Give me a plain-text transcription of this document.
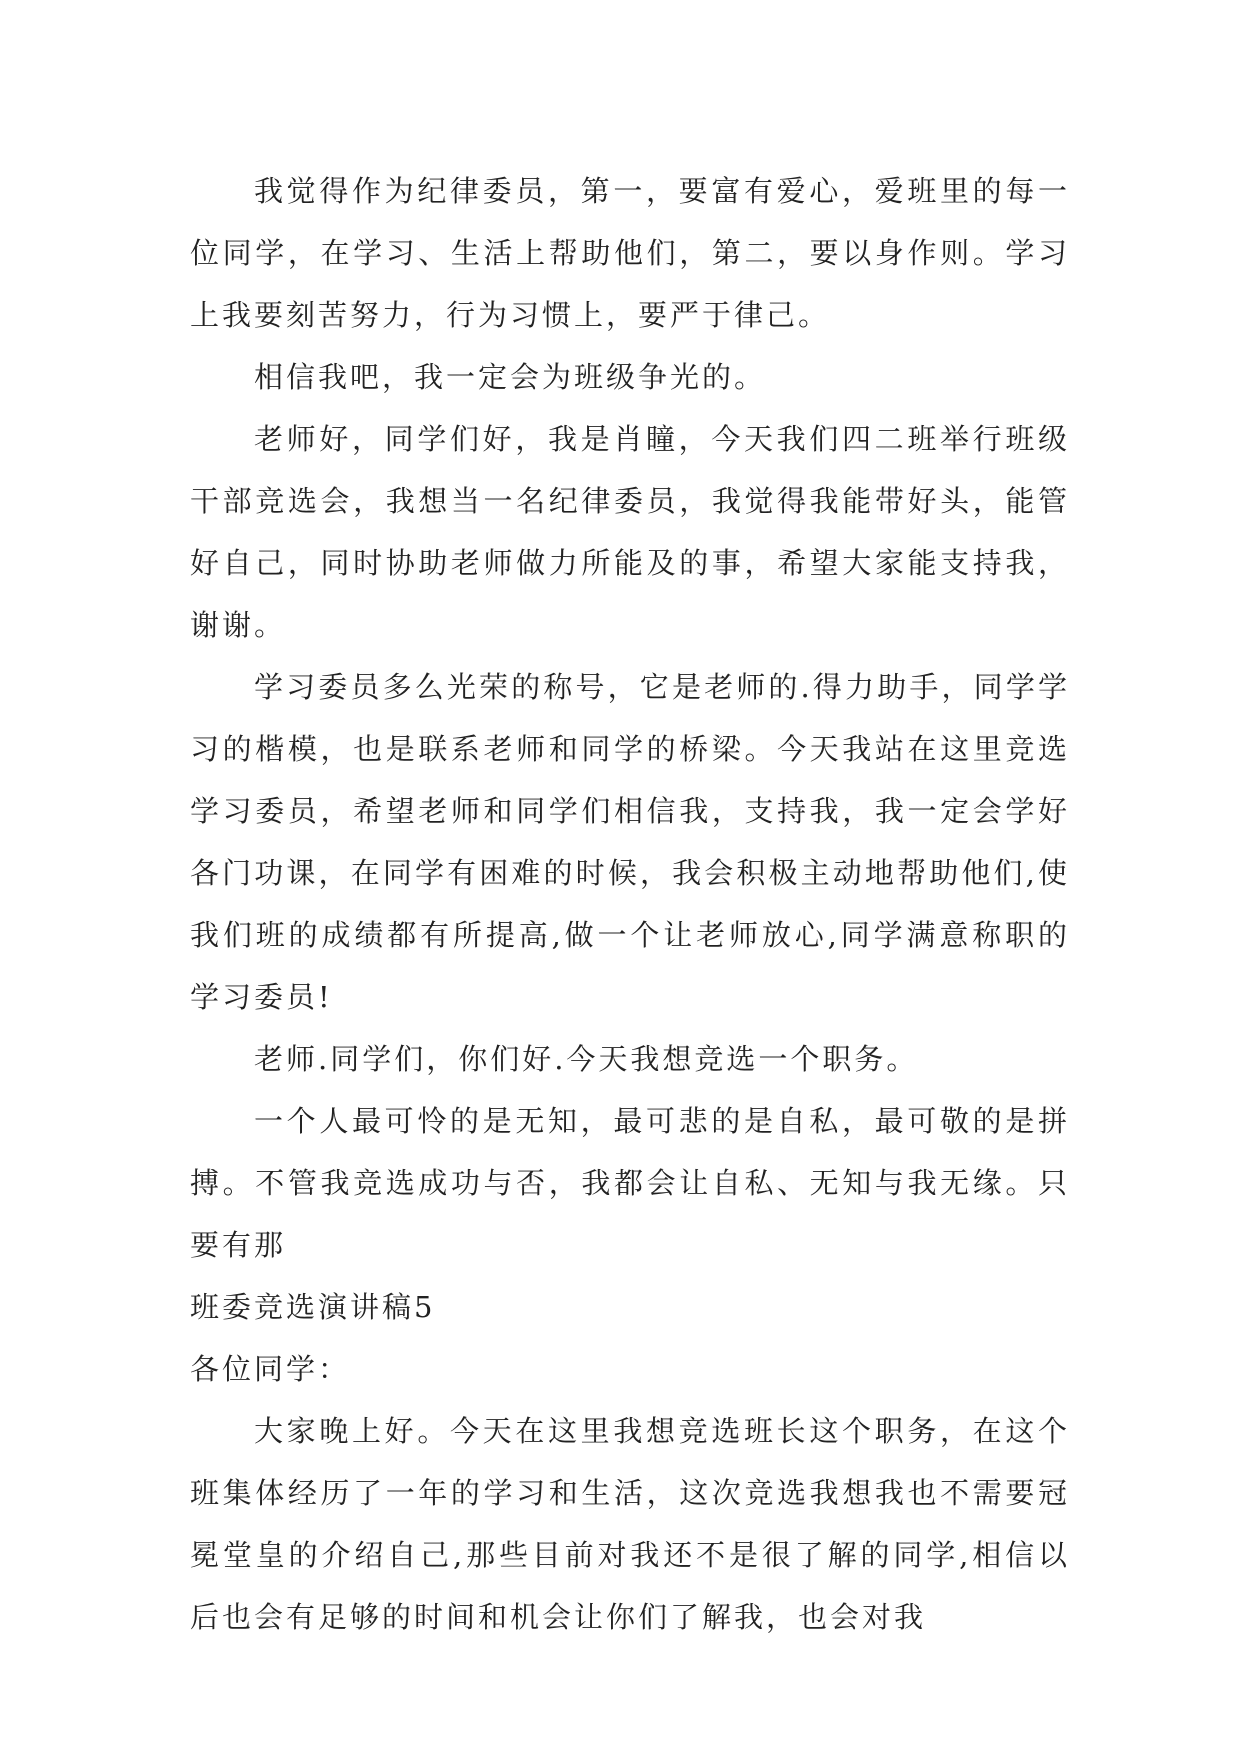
我觉得作为纪律委员，第一，要富有爱心，爱班里的每一位同学，在学习、生活上帮助他们，第二，要以身作则。学习上我要刻苦努力，行为习惯上，要严于律己。

相信我吧，我一定会为班级争光的。

老师好，同学们好，我是肖瞳，今天我们四二班举行班级干部竞选会，我想当一名纪律委员，我觉得我能带好头，能管好自己，同时协助老师做力所能及的事，希望大家能支持我，谢谢。

学习委员多么光荣的称号，它是老师的.得力助手，同学学习的楷模，也是联系老师和同学的桥梁。今天我站在这里竞选学习委员，希望老师和同学们相信我，支持我，我一定会学好各门功课，在同学有困难的时候，我会积极主动地帮助他们,使我们班的成绩都有所提高,做一个让老师放心,同学满意称职的学习委员!

老师.同学们，你们好.今天我想竞选一个职务。

一个人最可怜的是无知，最可悲的是自私，最可敬的是拼搏。不管我竞选成功与否，我都会让自私、无知与我无缘。只要有那

班委竞选演讲稿5

各位同学：

大家晚上好。今天在这里我想竞选班长这个职务，在这个班集体经历了一年的学习和生活，这次竞选我想我也不需要冠冕堂皇的介绍自己,那些目前对我还不是很了解的同学,相信以后也会有足够的时间和机会让你们了解我，也会对我
